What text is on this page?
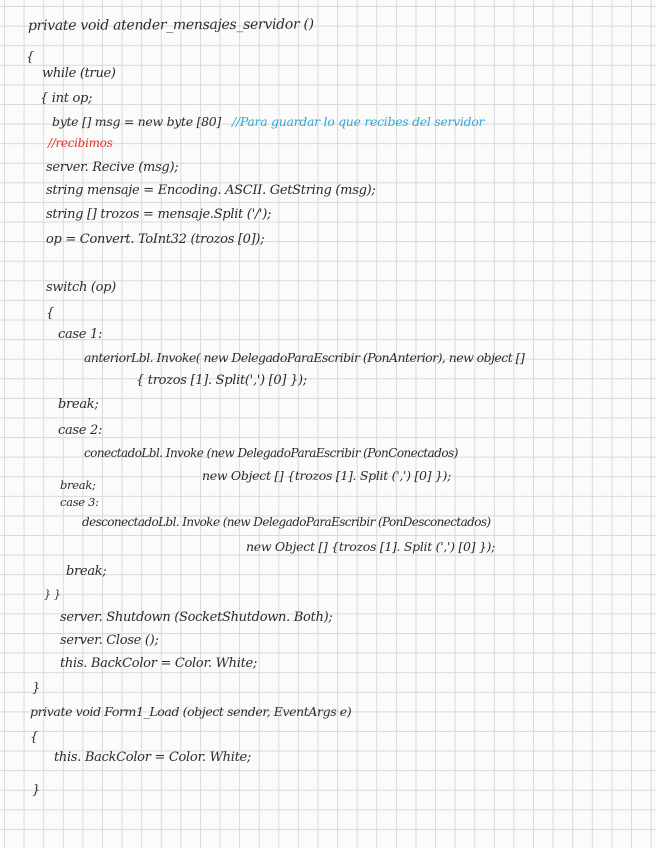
private void atender_mensajes_servidor ()
{
while (true)
{ int op;
byte [] msg = new byte [80] //Para guardar lo que recibes del servidor
//recibimos
server. Recive (msg);
string mensaje = Encoding. ASCII. GetString (msg);
string [] trozos = mensaje.Split ('/');
op = Convert. ToInt32 (trozos [0]);
switch (op)
{
case 1:
anteriorLbl. Invoke( new DelegadoParaEscribir (PonAnterior), new object []
{ trozos [1]. Split(',') [0] });
break;
case 2:
conectadoLbl. Invoke (new DelegadoParaEscribir (PonConectados)
new Object [] {trozos [1]. Split (',') [0] });
break;
case 3:
desconectadoLbl. Invoke (new DelegadoParaEscribir (PonDesconectados)
new Object [] {trozos [1]. Split (',') [0] });
break;
} }
server. Shutdown (SocketShutdown. Both);
server. Close ();
this. BackColor = Color. White;
}
private void Form1_Load (object sender, EventArgs e)
{
this. BackColor = Color. White;
}
